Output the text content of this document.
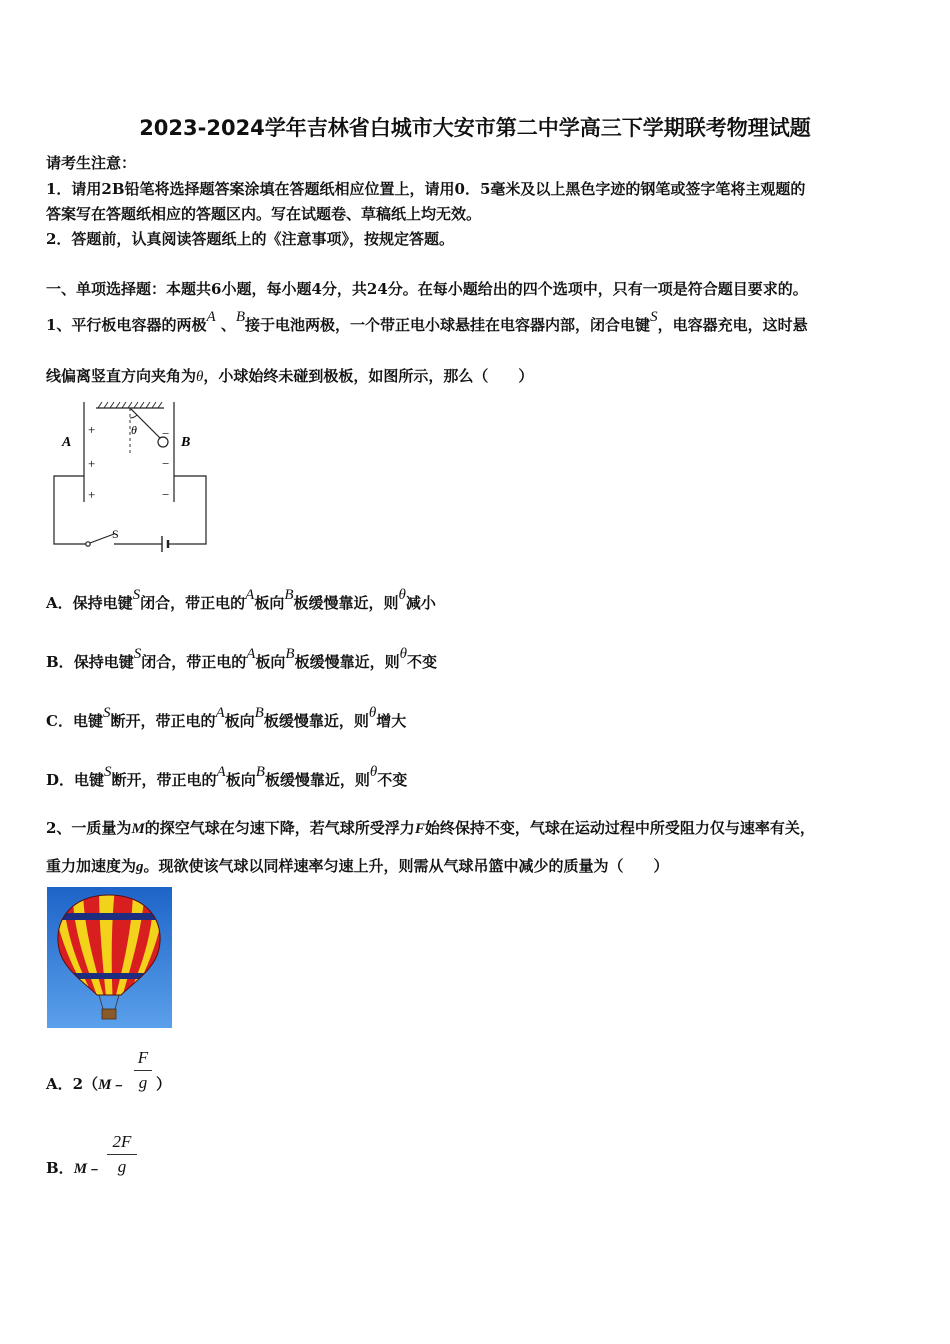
2023-2024学年吉林省白城市大安市第二中学高三下学期联考物理试题
请考生注意：
1．请用2B铅笔将选择题答案涂填在答题纸相应位置上，请用0．5毫米及以上黑色字迹的钢笔或签字笔将主观题的
答案写在答题纸相应的答题区内。写在试题卷、草稿纸上均无效。
2．答题前，认真阅读答题纸上的《注意事项》，按规定答题。
一、单项选择题：本题共6小题，每小题4分，共24分。在每小题给出的四个选项中，只有一项是符合题目要求的。
1、平行板电容器的两极A 、B接于电池两极，一个带正电小球悬挂在电容器内部，闭合电键S，电容器充电，这时悬
线偏离竖直方向夹角为θ，小球始终未碰到极板，如图所示，那么（　　）
A	B
θ
S
+
+
+
−
−
−
A．保持电键S闭合，带正电的A板向B板缓慢靠近，则θ减小
B．保持电键S闭合，带正电的A板向B板缓慢靠近，则θ不变
C．电键S断开，带正电的A板向B板缓慢靠近，则θ增大
D．电键S断开，带正电的A板向B板缓慢靠近，则θ不变
2、一质量为M的探空气球在匀速下降，若气球所受浮力F始终保持不变，气球在运动过程中所受阻力仅与速率有关，
重力加速度为g。现欲使该气球以同样速率匀速上升，则需从气球吊篮中减少的质量为（　　）
A．2（M﹣
F
g ）
B．M﹣
2F
g
